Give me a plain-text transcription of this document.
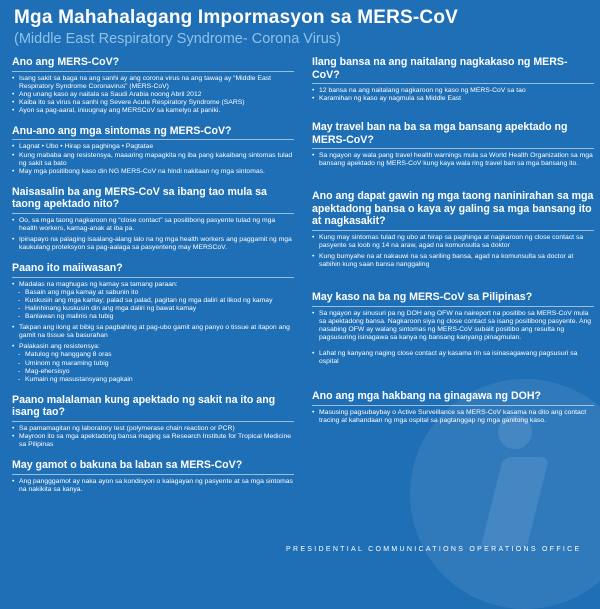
Mga Mahahalagang Impormasyon sa MERS-CoV
(Middle East Respiratory Syndrome- Corona Virus)
Ano ang MERS-CoV?
• Isang sakit sa baga na ang sanhi ay ang corona virus na ang tawag ay “Middle East Respiratory Syndrome Coronavirus” (MERS-CoV)
• Ang unang kaso ay naitala sa Saudi Arabia noong Abril 2012
• Kaiba ito sa virus na sanhi ng Severe Acute Respiratory Syndrome (SARS)
• Ayon sa pag-aaral, iniuugnay ang MERSCoV sa kamelyo at paniki.
Anu-ano ang mga sintomas ng MERS-CoV?
• Lagnat • Ubo • Hirap sa paghinga • Pagtatae
• Kung mababa ang resistensya, maaaring mapagkita ng iba pang kakaibang sintomas tulad ng sakit sa bato
• May mga positibong kaso din NG MERS-CoV na hindi nakitaan ng mga sintomas.
Naisasalin ba ang MERS-CoV sa ibang tao mula sa taong apektado nito?
• Oo, sa mga taong nagkaroon ng “close contact” sa positibong pasyente tulad ng mga health workers, kamag-anak at iba pa.
• Ipinapayo na palaging isaalang-alang lalo na ng mga health workers ang paggamit ng mga kaukulang proteksyon sa pag-aalaga sa pasyenteng may MERSCoV.
Paano ito maiiwasan?
• Madalas na maghugas ng kamay sa tamang paraan:
- Basain ang mga kamay at sabunin ito
- Kuskusin ang mga kamay; palad sa palad, pagitan ng mga daliri at likod ng kamay
- Halinhinang kuskusin din ang mga daliri ng bawat kamay
- Banlawan ng malinis na tubig
• Takpan ang ilong at bibig sa pagbahing at pag-ubo gamit ang panyo o tissue at itapon ang gamit na tissue sa basurahan
• Palakasin ang resistensya:
- Matulog ng hanggang 8 oras
- Uminom ng maraming tubig
- Mag-ehersisyo
- Kumain ng masustansyang pagkain
Paano malalaman kung apektado ng sakit na ito ang isang tao?
• Sa pamamagitan ng laboratory test (polymerase chain reaction or PCR)
• Mayroon ito sa mga apektadong bansa maging sa Research Institute for Tropical Medicine sa Pilipinas
May gamot o bakuna ba laban sa MERS-CoV?
• Ang pangggamot ay naka ayon sa kondisyon o kalagayan ng pasyente at sa mga sintomas na nakikita sa kanya.
Ilang bansa na ang naitalang nagkakaso ng MERS-CoV?
• 12 bansa na ang naitalang nagkaroon ng kaso ng MERS-CoV sa tao
• Karamihan ng kaso ay nagmula sa Middle East
May travel ban na ba sa mga bansang apektado ng MERS-CoV?
• Sa ngayon ay wala pang travel health warnings mula sa World Health Organization sa mga bansang apektado ng MERS-CoV kung kaya wala ring travel ban sa mga bansang ito.
Ano ang dapat gawin ng mga taong naninirahan sa mga apektadong bansa o kaya ay galing sa mga bansang ito at nagkasakit?
• Kung may sintomas tulad ng ubo at hirap sa paghinga at nagkaroon ng close contact sa pasyente sa loob ng 14 na araw, agad na komunsulta sa doktor
• Kung bumyahe na at nakauwi na sa sariling bansa, agad na komunsulta sa doctor at sabihin kung saan bansa nanggaling
May kaso na ba ng MERS-CoV sa Pilipinas?
• Sa ngayon ay sinusuri pa ng DOH ang OFW na naireport na positibo sa MERS-CoV mula sa apektadong bansa. Nagkaroon siya ng close contact sa isang positibong pasyente. Ang nasabing OFW ay walang sintomas ng MERS-CoV subalit positibo ang resulta ng pagsusuring isinagawa sa kanya ng bansang kanyang pinagmulan.
• Lahat ng kanyang naging close contact ay kasama rin sa isinasagawang pagsusuri sa ospital
Ano ang mga hakbang na ginagawa ng DOH?
• Masusing pagsubaybay o Active Surveillance sa MERS-CoV kasama na dito ang contact tracing at kahandaan ng mga ospital sa pagtanggap ng mga ganitong kaso.
PRESIDENTIAL COMMUNICATIONS OPERATIONS OFFICE
